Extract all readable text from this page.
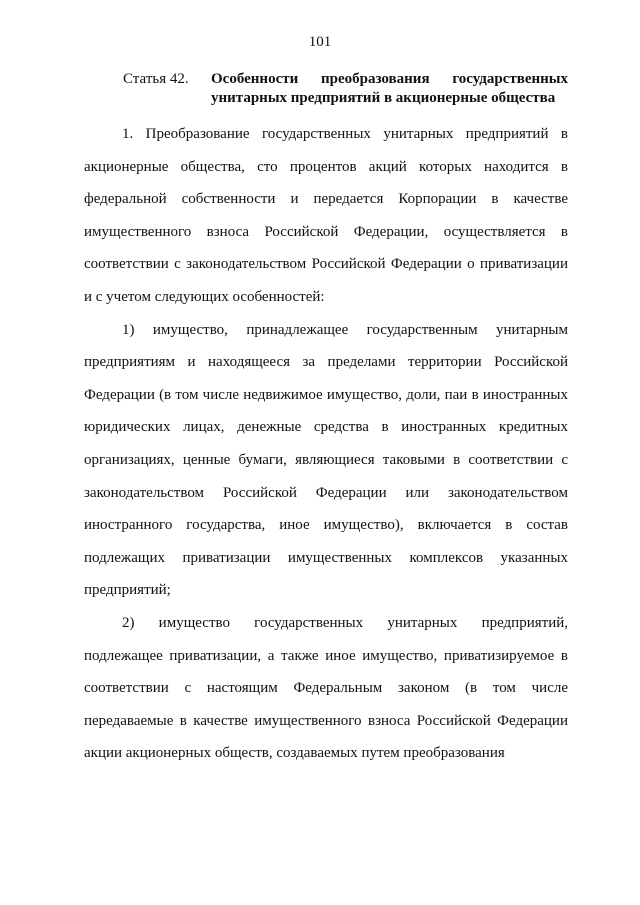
101
Статья 42. Особенности преобразования государственных унитарных предприятий в акционерные общества

1. Преобразование государственных унитарных предприятий в акционерные общества, сто процентов акций которых находится в федеральной собственности и передается Корпорации в качестве имущественного взноса Российской Федерации, осуществляется в соответствии с законодательством Российской Федерации о приватизации и с учетом следующих особенностей:

1) имущество, принадлежащее государственным унитарным предприятиям и находящееся за пределами территории Российской Федерации (в том числе недвижимое имущество, доли, паи в иностранных юридических лицах, денежные средства в иностранных кредитных организациях, ценные бумаги, являющиеся таковыми в соответствии с законодательством Российской Федерации или законодательством иностранного государства, иное имущество), включается в состав подлежащих приватизации имущественных комплексов указанных предприятий;

2) имущество государственных унитарных предприятий, подлежащее приватизации, а также иное имущество, приватизируемое в соответствии с настоящим Федеральным законом (в том числе передаваемые в качестве имущественного взноса Российской Федерации акции акционерных обществ, создаваемых путем преобразования
